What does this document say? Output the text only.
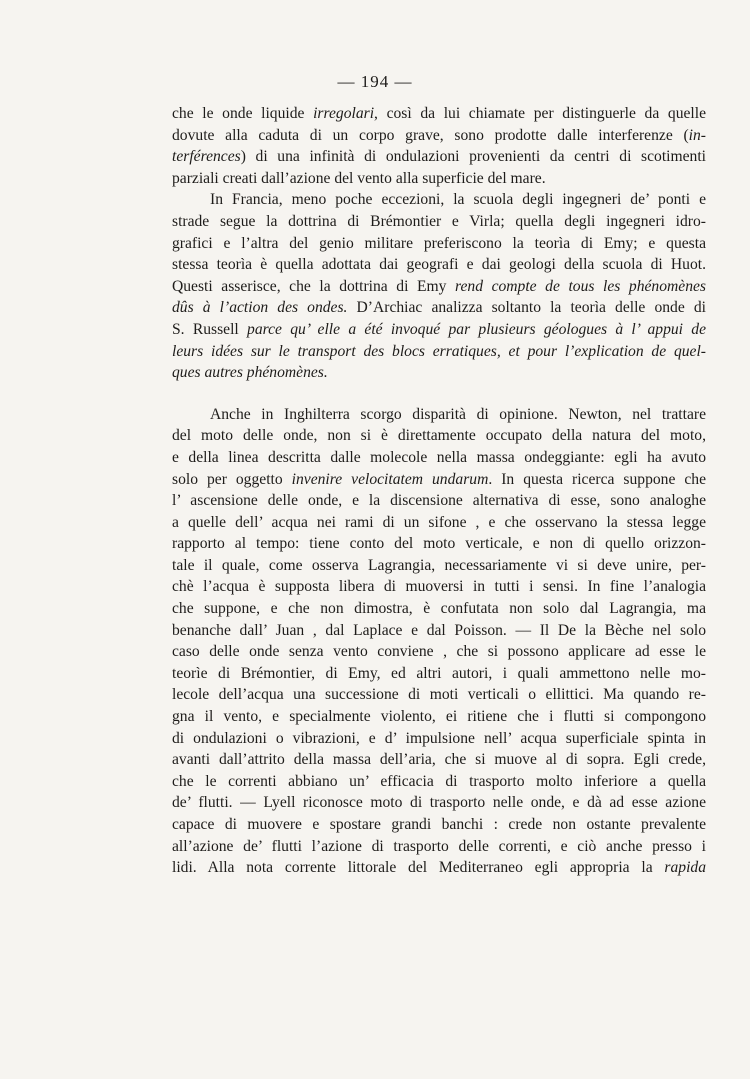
— 194 —
che le onde liquide irregolari, così da lui chiamate per distinguerle da quelle
dovute alla caduta di un corpo grave, sono prodotte dalle interferenze (in-
terférences) di una infinità di ondulazioni provenienti da centri di scotimenti
parziali creati dall’azione del vento alla superficie del mare.
In Francia, meno poche eccezioni, la scuola degli ingegneri de’ ponti e
strade segue la dottrina di Brémontier e Virla; quella degli ingegneri idro-
grafici e l’altra del genio militare preferiscono la teorìa di Emy; e questa
stessa teorìa è quella adottata dai geografi e dai geologi della scuola di Huot.
Questi asserisce, che la dottrina di Emy rend compte de tous les phénomènes
dûs à l’action des ondes. D’Archiac analizza soltanto la teorìa delle onde di
S. Russell parce qu’ elle a été invoqué par plusieurs géologues à l’ appui de
leurs idées sur le transport des blocs erratiques, et pour l’explication de quel-
ques autres phénomènes.
Anche in Inghilterra scorgo disparità di opinione. Newton, nel trattare
del moto delle onde, non si è direttamente occupato della natura del moto,
e della linea descritta dalle molecole nella massa ondeggiante: egli ha avuto
solo per oggetto invenire velocitatem undarum. In questa ricerca suppone che
l’ ascensione delle onde, e la discensione alternativa di esse, sono analoghe
a quelle dell’ acqua nei rami di un sifone , e che osservano la stessa legge
rapporto al tempo: tiene conto del moto verticale, e non di quello orizzon-
tale il quale, come osserva Lagrangia, necessariamente vi si deve unire, per-
chè l’acqua è supposta libera di muoversi in tutti i sensi. In fine l’analogia
che suppone, e che non dimostra, è confutata non solo dal Lagrangia, ma
benanche dall’ Juan , dal Laplace e dal Poisson. — Il De la Bèche nel solo
caso delle onde senza vento conviene , che si possono applicare ad esse le
teorìe di Brémontier, di Emy, ed altri autori, i quali ammettono nelle mo-
lecole dell’acqua una successione di moti verticali o ellittici. Ma quando re-
gna il vento, e specialmente violento, ei ritiene che i flutti si compongono
di ondulazioni o vibrazioni, e d’ impulsione nell’ acqua superficiale spinta in
avanti dall’attrito della massa dell’aria, che si muove al di sopra. Egli crede,
che le correnti abbiano un’ efficacia di trasporto molto inferiore a quella
de’ flutti. — Lyell riconosce moto di trasporto nelle onde, e dà ad esse azione
capace di muovere e spostare grandi banchi : crede non ostante prevalente
all’azione de’ flutti l’azione di trasporto delle correnti, e ciò anche presso i
lidi. Alla nota corrente littorale del Mediterraneo egli appropria la rapida
